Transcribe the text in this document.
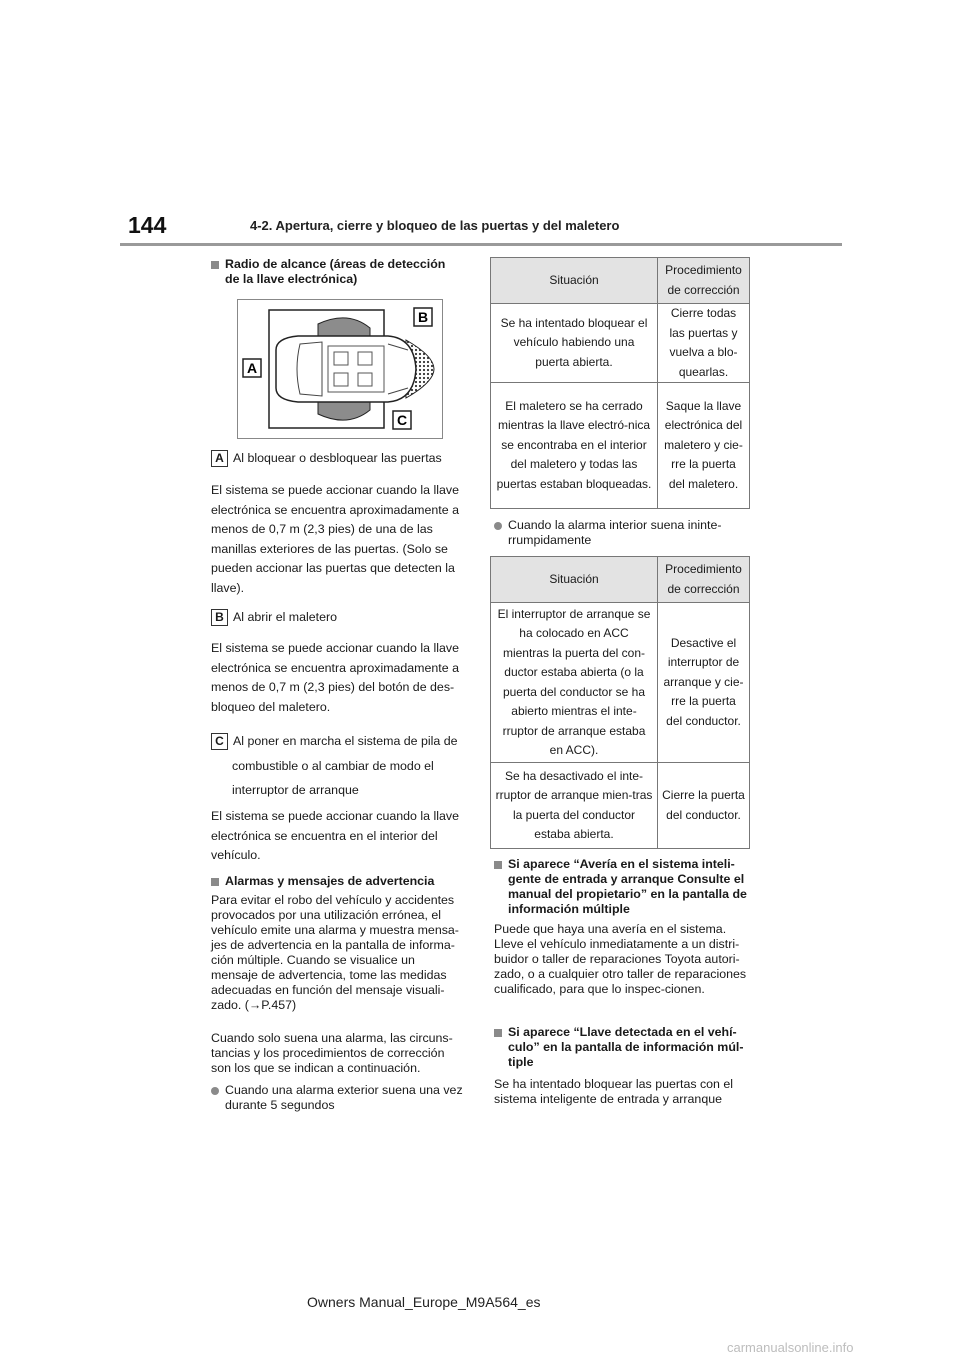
144	4-2. Apertura, cierre y bloqueo de las puertas y del maletero
Radio de alcance (áreas de detección de la llave electrónica)
B
A
C
A Al bloquear o desbloquear las puertas
El sistema se puede accionar cuando la llave electrónica se encuentra aproximadamente a menos de 0,7 m (2,3 pies) de una de las manillas exteriores de las puertas. (Solo se pueden accionar las puertas que detecten la llave).
B Al abrir el maletero
El sistema se puede accionar cuando la llave electrónica se encuentra aproximadamente a menos de 0,7 m (2,3 pies) del botón de des-bloqueo del maletero.
C Al poner en marcha el sistema de pila de
combustible o al cambiar de modo el
interruptor de arranque
El sistema se puede accionar cuando la llave electrónica se encuentra en el interior del vehículo.
Alarmas y mensajes de advertencia
Para evitar el robo del vehículo y accidentes provocados por una utilización errónea, el vehículo emite una alarma y muestra mensa-jes de advertencia en la pantalla de informa-ción múltiple. Cuando se visualice un mensaje de advertencia, tome las medidas adecuadas en función del mensaje visuali-zado. (→P.457)
Cuando solo suena una alarma, las circuns-tancias y los procedimientos de corrección son los que se indican a continuación.
Cuando una alarma exterior suena una vez durante 5 segundos
Situación	Procedimiento de corrección
Se ha intentado bloquear el vehículo habiendo una puerta abierta.	Cierre todas las puertas y vuelva a blo-quearlas.
El maletero se ha cerrado mientras la llave electró-nica se encontraba en el interior del maletero y todas las puertas estaban bloqueadas.	Saque la llave electrónica del maletero y cie-rre la puerta del maletero.
Cuando la alarma interior suena ininte-rrumpidamente
Situación	Procedimiento de corrección
El interruptor de arranque se ha colocado en ACC mientras la puerta del con-ductor estaba abierta (o la puerta del conductor se ha abierto mientras el inte-rruptor de arranque estaba en ACC).	Desactive el interruptor de arranque y cie-rre la puerta del conductor.
Se ha desactivado el inte-rruptor de arranque mien-tras la puerta del conductor estaba abierta.	Cierre la puerta del conductor.
Si aparece “Avería en el sistema inteli-gente de entrada y arranque Consulte el manual del propietario” en la pantalla de información múltiple
Puede que haya una avería en el sistema. Lleve el vehículo inmediatamente a un distri-buidor o taller de reparaciones Toyota autori-zado, o a cualquier otro taller de reparaciones cualificado, para que lo inspec-cionen.
Si aparece “Llave detectada en el vehí-culo” en la pantalla de información múl-tiple
Se ha intentado bloquear las puertas con el sistema inteligente de entrada y arranque
Owners Manual_Europe_M9A564_es
carmanualsonline.info
